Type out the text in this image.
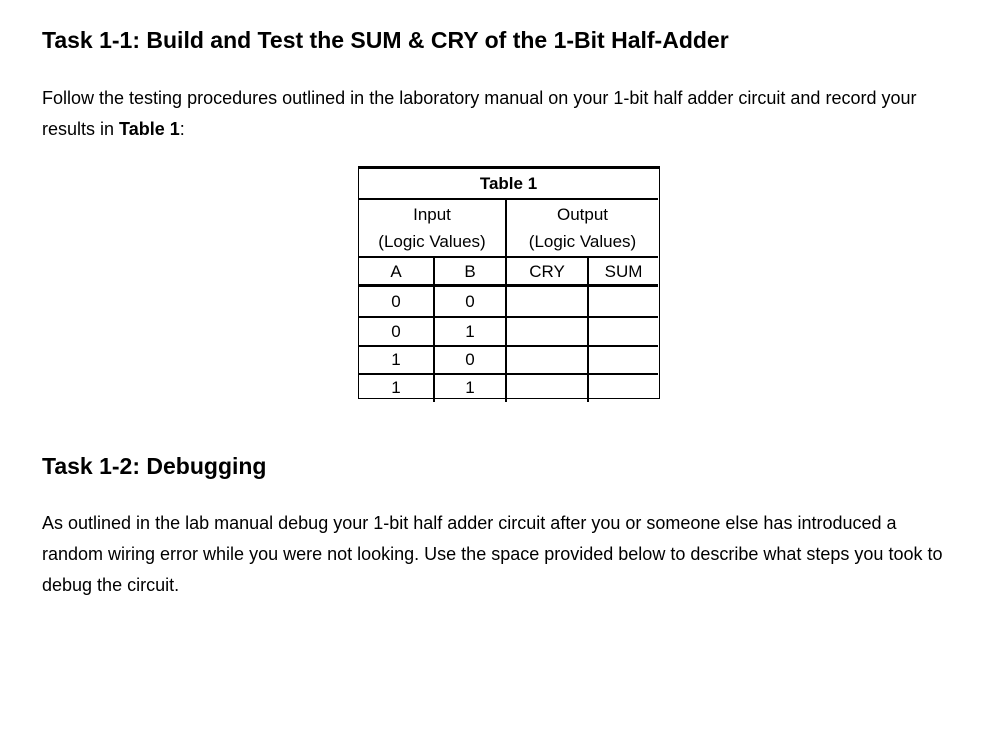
Task 1-1: Build and Test the SUM & CRY of the 1-Bit Half-Adder

Follow the testing procedures outlined in the laboratory manual on your 1-bit half adder circuit and record your results in Table 1:

Table 1
Input
(Logic Values)
Output
(Logic Values)
A	B	CRY	SUM
0	0
0	1
1	0
1	1
Task 1-2: Debugging

As outlined in the lab manual debug your 1-bit half adder circuit after you or someone else has introduced a random wiring error while you were not looking. Use the space provided below to describe what steps you took to debug the circuit.
